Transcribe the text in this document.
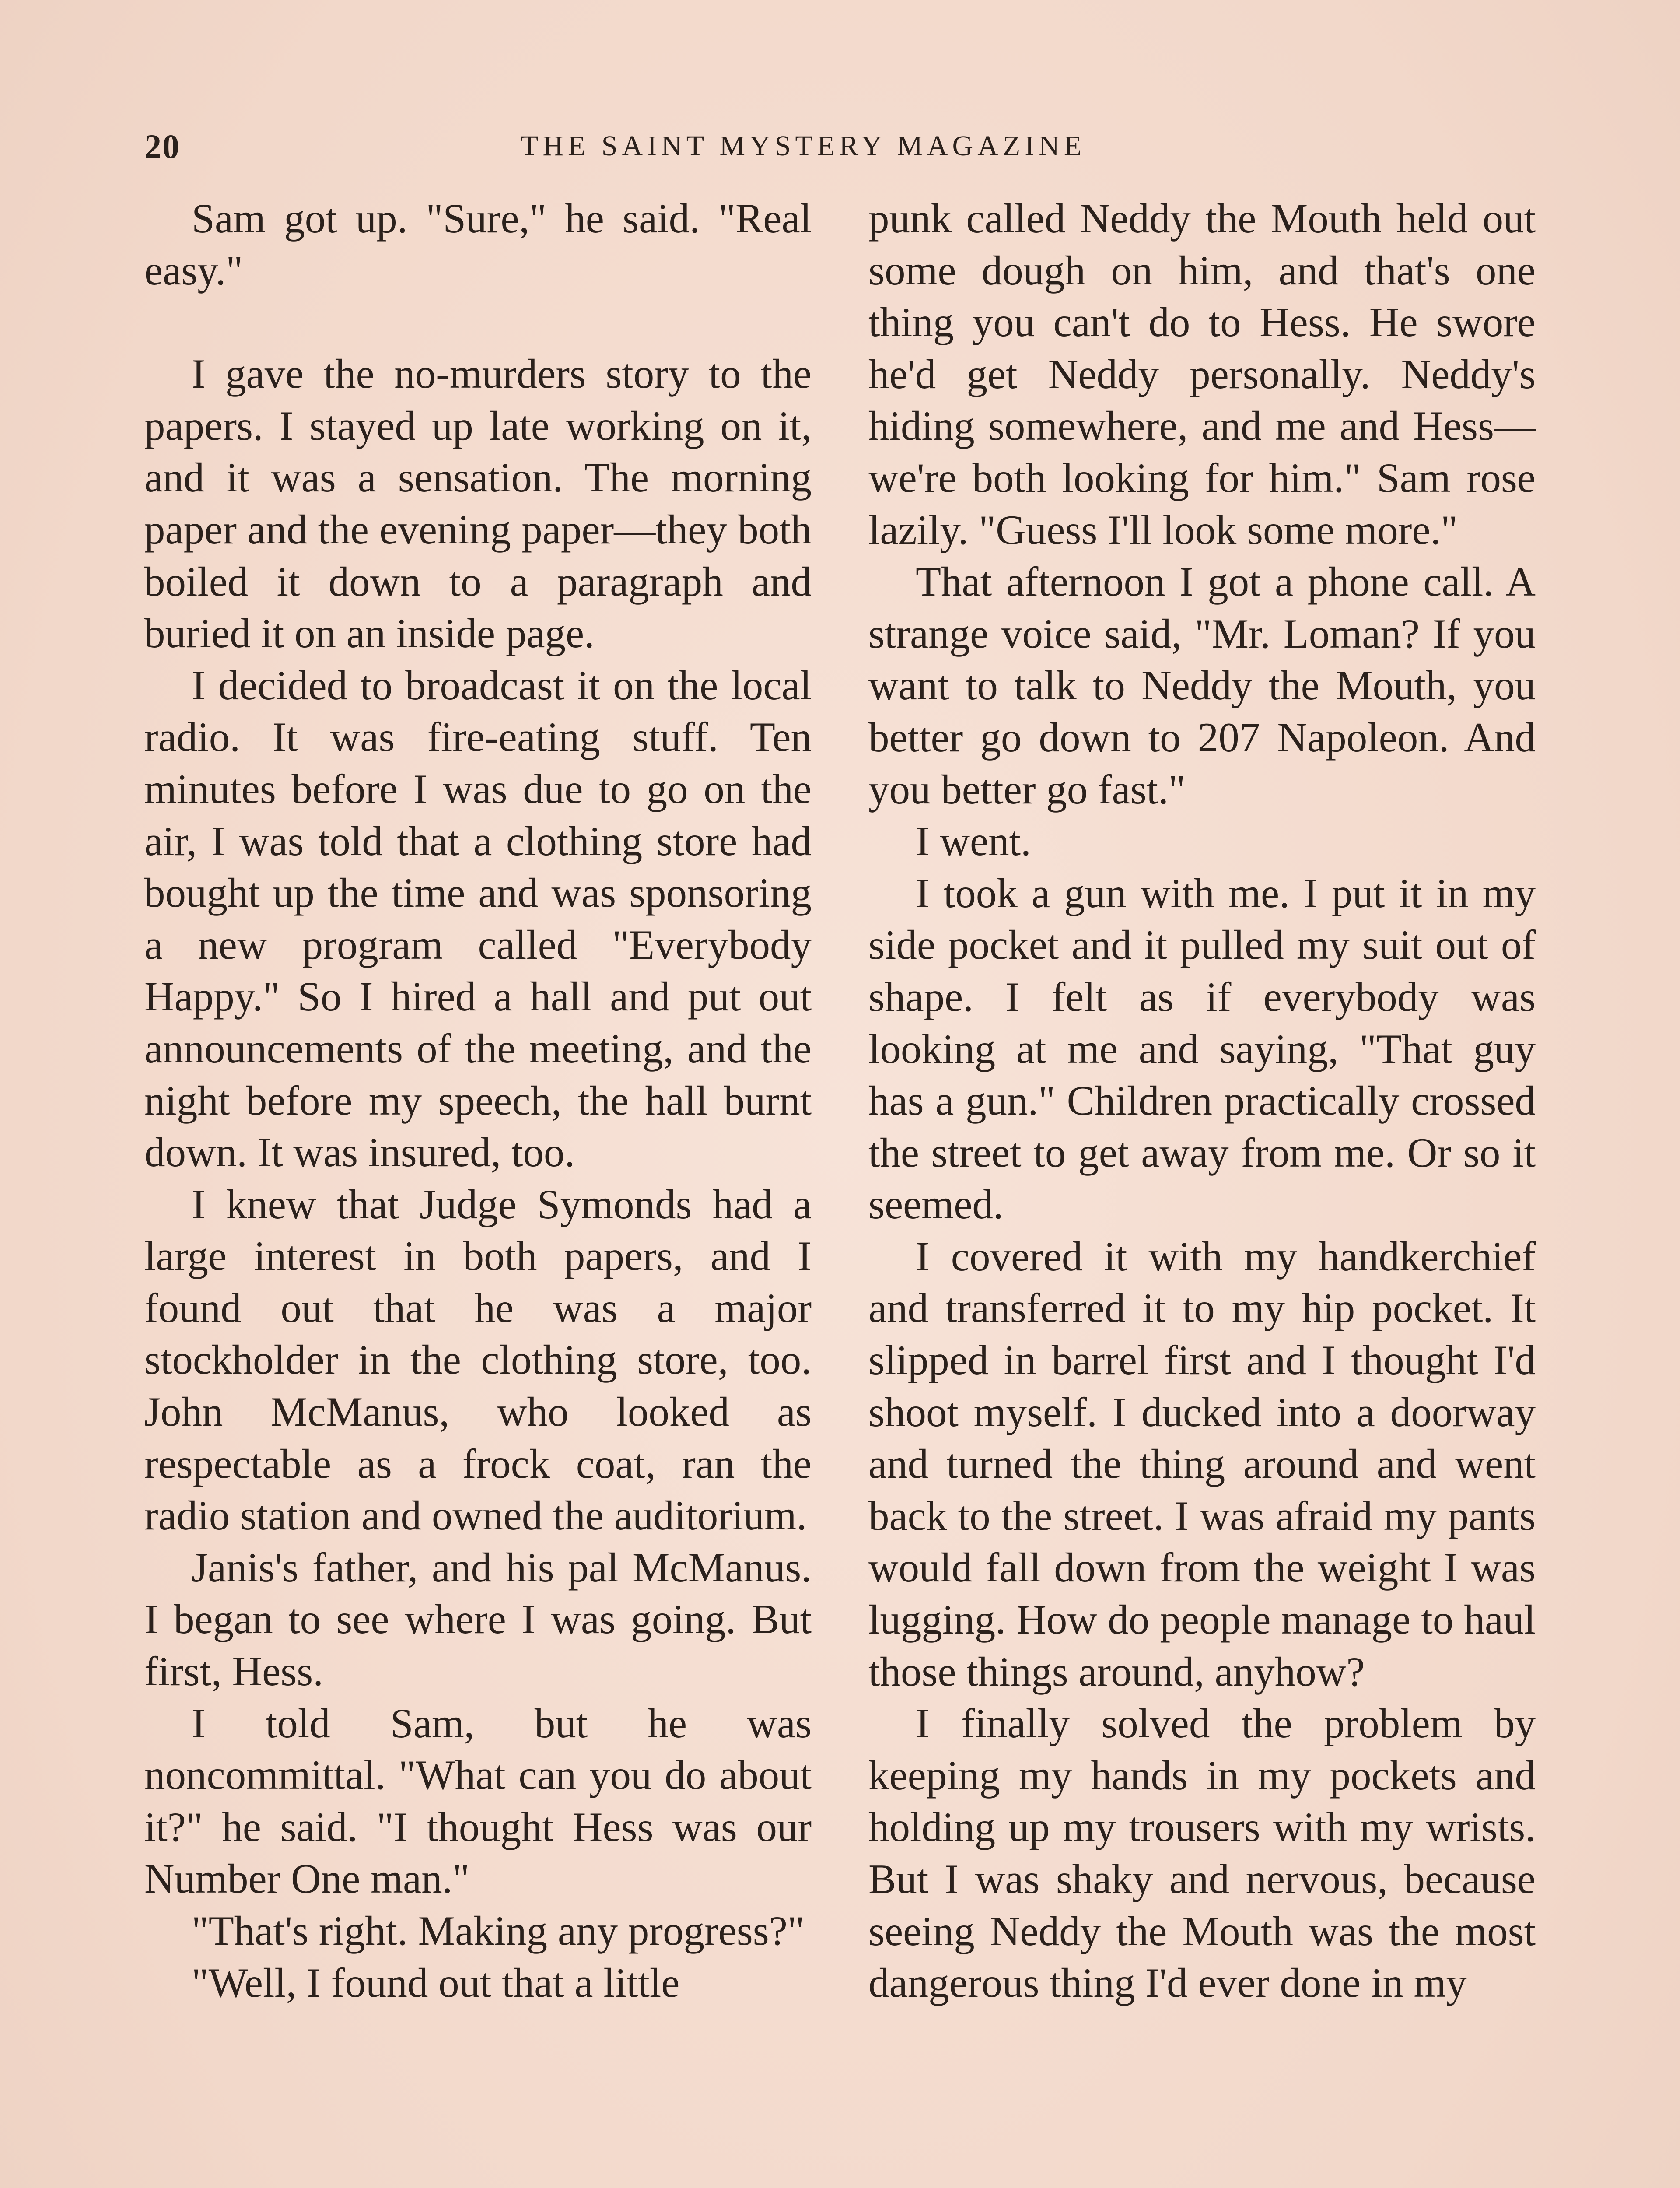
20	THE SAINT MYSTERY MAGAZINE

Sam got up. "Sure," he said. "Real easy."

I gave the no-murders story to the papers. I stayed up late working on it, and it was a sensation. The morning paper and the evening paper—they both boiled it down to a paragraph and buried it on an inside page.

I decided to broadcast it on the local radio. It was fire-eating stuff. Ten minutes before I was due to go on the air, I was told that a clothing store had bought up the time and was sponsoring a new program called "Everybody Happy." So I hired a hall and put out announcements of the meeting, and the night before my speech, the hall burnt down. It was insured, too.

I knew that Judge Symonds had a large interest in both papers, and I found out that he was a major stockholder in the clothing store, too. John McManus, who looked as respectable as a frock coat, ran the radio station and owned the auditorium.

Janis's father, and his pal McManus. I began to see where I was going. But first, Hess.

I told Sam, but he was noncommittal. "What can you do about it?" he said. "I thought Hess was our Number One man."

"That's right. Making any progress?"

"Well, I found out that a little

punk called Neddy the Mouth held out some dough on him, and that's one thing you can't do to Hess. He swore he'd get Neddy personally. Neddy's hiding somewhere, and me and Hess—we're both looking for him." Sam rose lazily. "Guess I'll look some more."

That afternoon I got a phone call. A strange voice said, "Mr. Loman? If you want to talk to Neddy the Mouth, you better go down to 207 Napoleon. And you better go fast."

I went.

I took a gun with me. I put it in my side pocket and it pulled my suit out of shape. I felt as if everybody was looking at me and saying, "That guy has a gun." Children practically crossed the street to get away from me. Or so it seemed.

I covered it with my handkerchief and transferred it to my hip pocket. It slipped in barrel first and I thought I'd shoot myself. I ducked into a doorway and turned the thing around and went back to the street. I was afraid my pants would fall down from the weight I was lugging. How do people manage to haul those things around, anyhow?

I finally solved the problem by keeping my hands in my pockets and holding up my trousers with my wrists. But I was shaky and nervous, because seeing Neddy the Mouth was the most dangerous thing I'd ever done in my
